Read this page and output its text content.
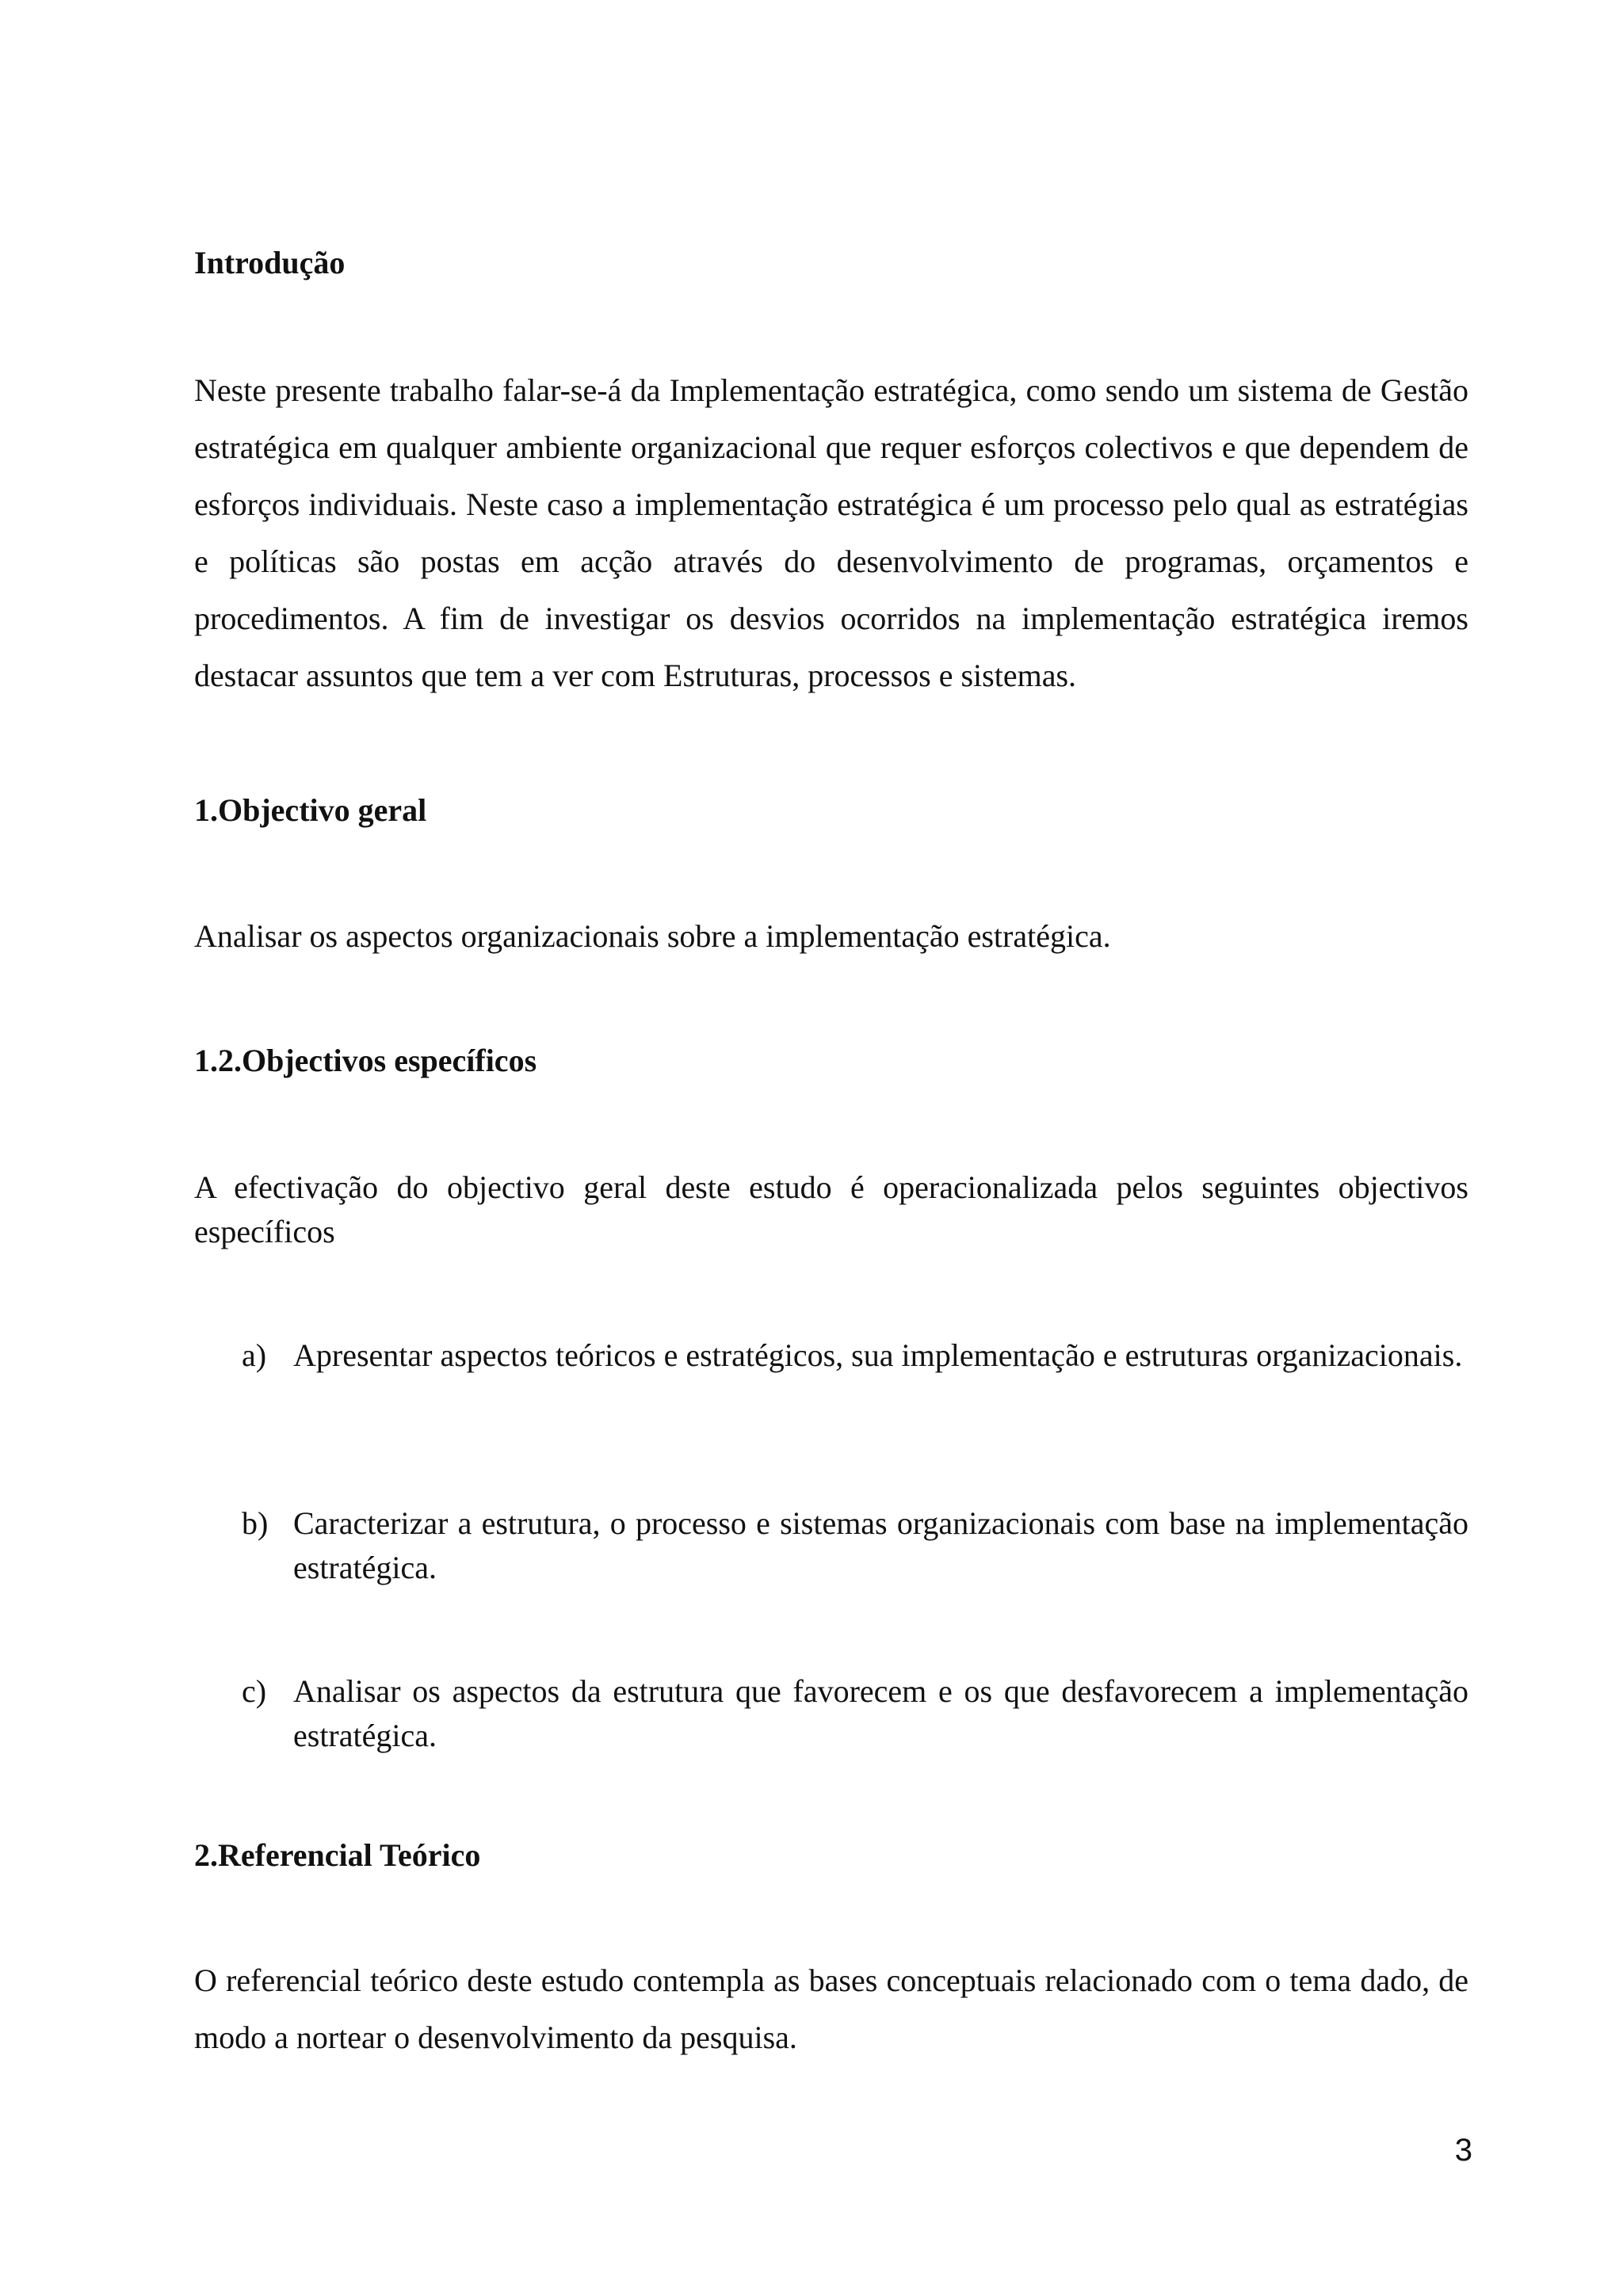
Introdução
Neste presente trabalho falar-se-á da Implementação estratégica, como sendo um sistema de Gestão estratégica em qualquer ambiente organizacional que requer esforços colectivos e que dependem de esforços individuais. Neste caso a implementação estratégica é um processo pelo qual as estratégias e políticas são postas em acção através do desenvolvimento de programas, orçamentos e procedimentos. A fim de investigar os desvios ocorridos na implementação estratégica iremos destacar assuntos que tem a ver com Estruturas, processos e sistemas.
1.Objectivo geral
Analisar os aspectos organizacionais sobre a implementação estratégica.
1.2.Objectivos específicos
A efectivação do objectivo geral deste estudo é operacionalizada pelos seguintes objectivos específicos
a) Apresentar aspectos teóricos e estratégicos, sua implementação e estruturas organizacionais.
b) Caracterizar a estrutura, o processo e sistemas organizacionais com base na implementação estratégica.
c) Analisar os aspectos da estrutura que favorecem e os que desfavorecem a implementação estratégica.
2.Referencial Teórico
O referencial teórico deste estudo contempla as bases conceptuais relacionado com o tema dado, de modo a nortear o desenvolvimento da pesquisa.
3
